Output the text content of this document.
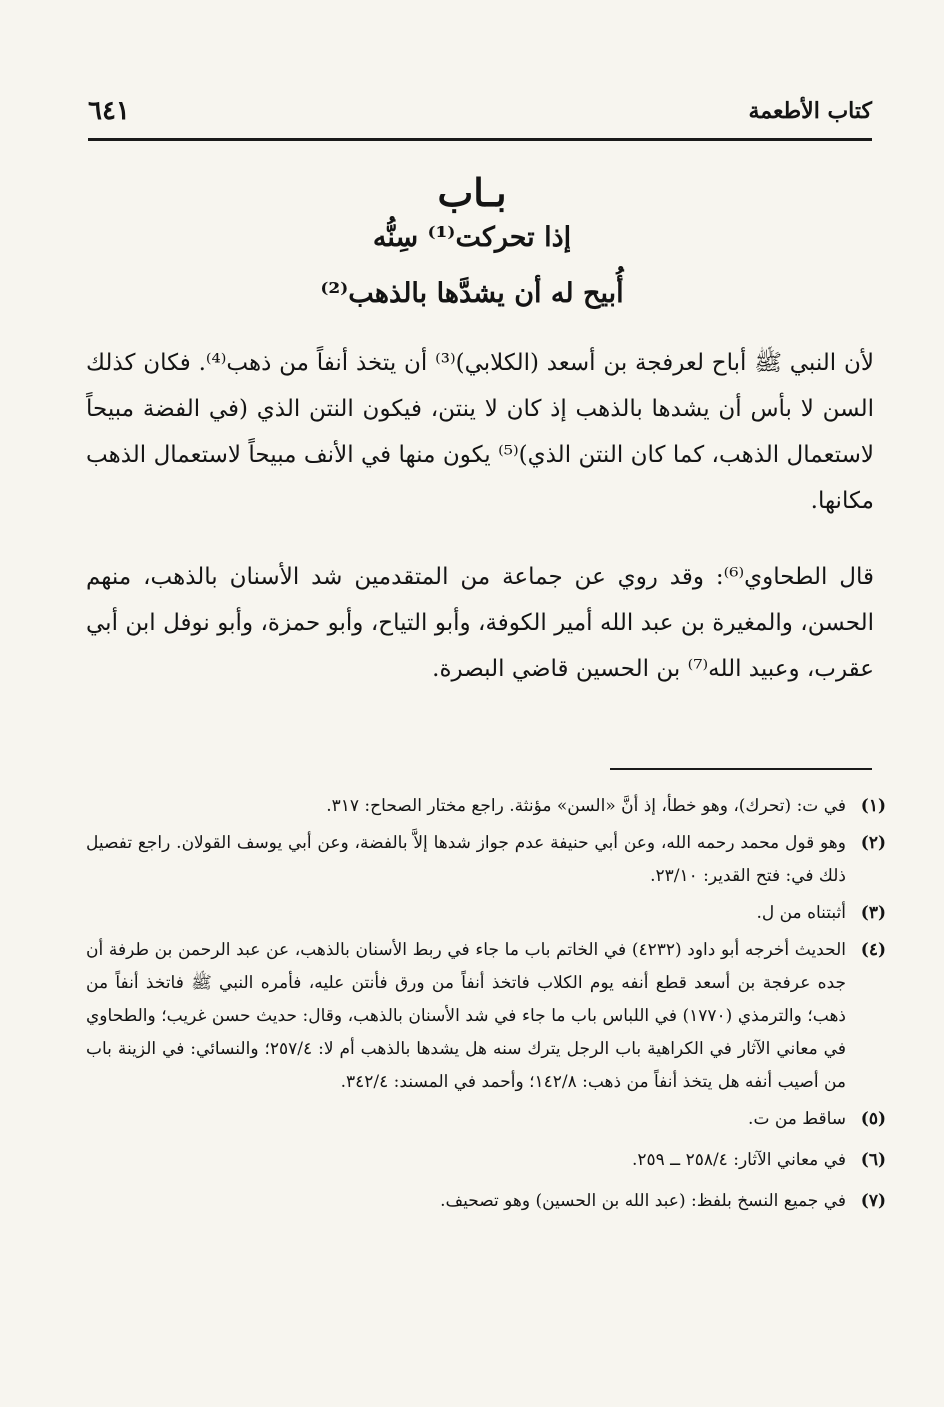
٦٤١	كتاب الأطعمة
بـاب
إذا تحركت⁽¹⁾ سِنُّه
أُبيح له أن يشدَّها بالذهب⁽²⁾

لأن النبي ﷺ أباح لعرفجة بن أسعد (الكلابي)⁽³⁾ أن يتخذ أنفاً من ذهب⁽⁴⁾. فكان كذلك السن لا بأس أن يشدها بالذهب إذ كان لا ينتن، فيكون النتن الذي (في الفضة مبيحاً لاستعمال الذهب، كما كان النتن الذي)⁽⁵⁾ يكون منها في الأنف مبيحاً لاستعمال الذهب مكانها.

قال الطحاوي⁽⁶⁾: وقد روي عن جماعة من المتقدمين شد الأسنان بالذهب، منهم الحسن، والمغيرة بن عبد الله أمير الكوفة، وأبو التياح، وأبو حمزة، وأبو نوفل ابن أبي عقرب، وعبيد الله⁽⁷⁾ بن الحسين قاضي البصرة.

(١)
في ت: (تحرك)، وهو خطأ، إذ أنَّ «السن» مؤنثة. راجع مختار الصحاح: ٣١٧.
(٢)
وهو قول محمد رحمه الله، وعن أبي حنيفة عدم جواز شدها إلاَّ بالفضة، وعن أبي يوسف القولان. راجع تفصيل ذلك في: فتح القدير: ٢٣/١٠.
(٣)
أثبتناه من ل.
(٤)
الحديث أخرجه أبو داود (٤٢٣٢) في الخاتم باب ما جاء في ربط الأسنان بالذهب، عن عبد الرحمن بن طرفة أن جده عرفجة بن أسعد قطع أنفه يوم الكلاب فاتخذ أنفاً من ورق فأنتن عليه، فأمره النبي ﷺ فاتخذ أنفاً من ذهب؛ والترمذي (١٧٧٠) في اللباس باب ما جاء في شد الأسنان بالذهب، وقال: حديث حسن غريب؛ والطحاوي في معاني الآثار في الكراهية باب الرجل يترك سنه هل يشدها بالذهب أم لا: ٢٥٧/٤؛ والنسائي: في الزينة باب من أصيب أنفه هل يتخذ أنفاً من ذهب: ١٤٢/٨؛ وأحمد في المسند: ٣٤٢/٤.
(٥)
ساقط من ت.
(٦)
في معاني الآثار: ٢٥٨/٤ ــ ٢٥٩.
(٧)
في جميع النسخ بلفظ: (عبد الله بن الحسين) وهو تصحيف.
